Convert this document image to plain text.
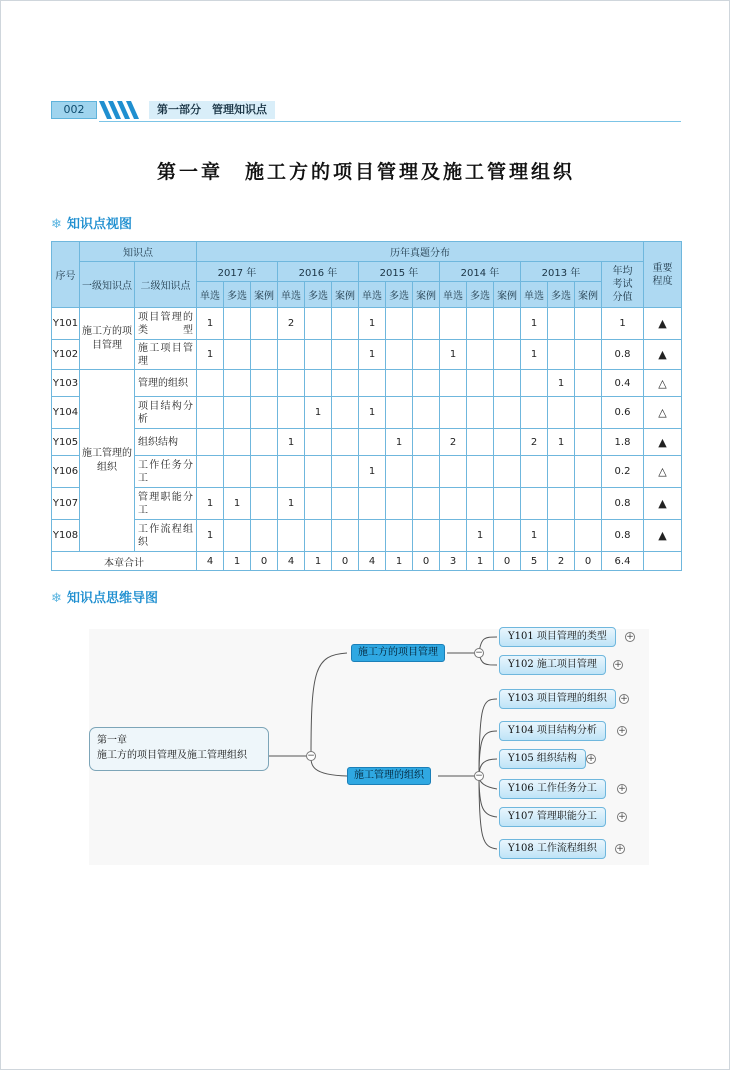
002	第一部分　管理知识点
第一章　施工方的项目管理及施工管理组织
❄ 知识点视图
序号	知识点		历年真题分布																重要
程度
	一级知识点	二级知识点	2017 年			2016 年			2015 年			2014 年			2013 年			年均
考试
分值	
			单选	多选	案例	单选	多选	案例	单选	多选	案例	单选	多选	案例	单选	多选	案例		
Y101	施工方的项目管理	项目管理的类型	1			2			1						1			1	▲
Y102		施工项目管理	1						1			1			1			0.8	▲
Y103	施工管理的组织	管理的组织														1		0.4	△
Y104		项目结构分析					1		1									0.6	△
Y105		组织结构				1				1		2			2	1		1.8	▲
Y106		工作任务分工							1									0.2	△
Y107		管理职能分工	1	1		1												0.8	▲
Y108		工作流程组织	1										1		1			0.8	▲
本章合计			4	1	0	4	1	0	4	1	0	3	1	0	5	2	0	6.4	
❄ 知识点思维导图
第一章
施工方的项目管理及施工管理组织	−
施工方的项目管理	−
施工管理的组织	−
Y101 项目管理的类型	+
Y102 施工项目管理	+
Y103 项目管理的组织	+
Y104 项目结构分析	+
Y105 组织结构	+
Y106 工作任务分工	+
Y107 管理职能分工	+
Y108 工作流程组织	+
